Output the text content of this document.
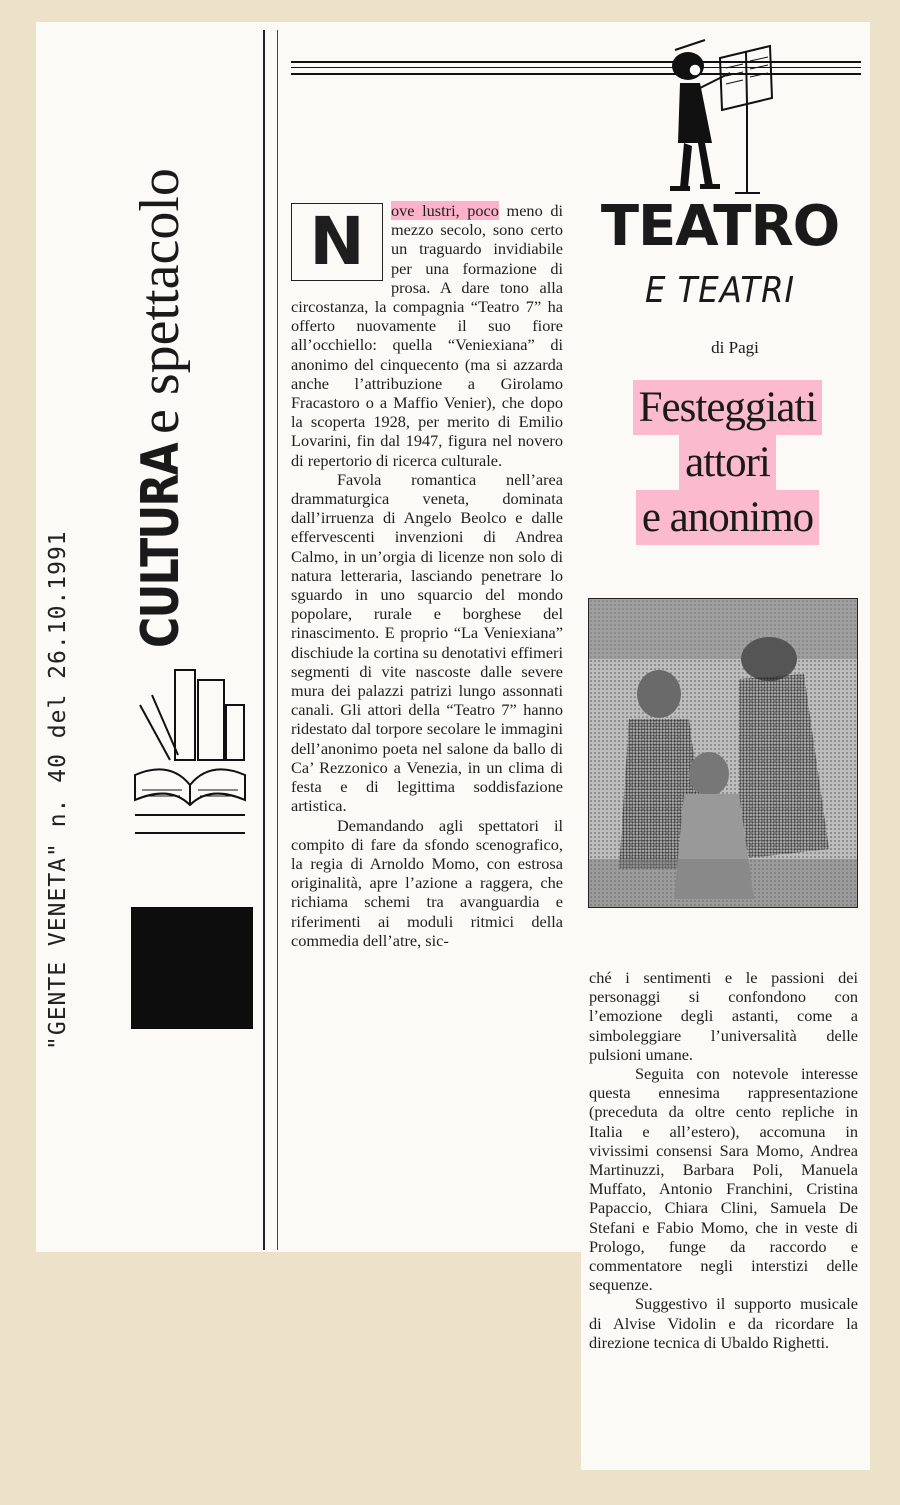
"GENTE VENETA" n. 40 del 26.10.1991 CULTURA e spettacolo N	ove lustri, poco meno di mezzo secolo, sono certo un traguardo invidiabile per una formazione di prosa. A dare tono alla circostanza, la compagnia “Teatro 7” ha offerto nuovamente il suo fiore all’occhiello: quella “Veniexiana” di anonimo del cinquecento (ma si azzarda anche l’attribuzione a Girolamo Fracastoro o a Maffio Venier), che dopo la scoperta 1928, per merito di Emilio Lovarini, fin dal 1947, figura nel novero di repertorio di ricerca culturale.

Favola romantica nell’area drammaturgica veneta, dominata dall’irruenza di Angelo Beolco e dalle effervescenti invenzioni di Andrea Calmo, in un’orgia di licenze non solo di natura letteraria, lasciando penetrare lo sguardo in uno squarcio del mondo popolare, rurale e borghese del rinascimento. E proprio “La Veniexiana” dischiude la cortina su denotativi effimeri segmenti di vite nascoste dalle severe mura dei palazzi patrizi lungo assonnati canali. Gli attori della “Teatro 7” hanno ridestato dal torpore secolare le immagini dell’anonimo poeta nel salone da ballo di Ca’ Rezzonico a Venezia, in un clima di festa e di legittima soddisfazione artistica.

Demandando agli spettatori il compito di fare da sfondo scenografico, la regia di Arnoldo Momo, con estrosa originalità, apre l’azione a raggera, che richiama schemi tra avanguardia e riferimenti ai moduli ritmici della commedia dell’atre, sic-

TEATRO
E TEATRI
di Pagi
Festeggiati
attori
e anonimo

ché i sentimenti e le passioni dei personaggi si confondono con l’emozione degli astanti, come a simboleggiare l’universalità delle pulsioni umane.

Seguita con notevole interesse questa ennesima rappresentazione (preceduta da oltre cento repliche in Italia e all’estero), accomuna in vivissimi consensi Sara Momo, Andrea Martinuzzi, Barbara Poli, Manuela Muffato, Antonio Franchini, Cristina Papaccio, Chiara Clini, Samuela De Stefani e Fabio Momo, che in veste di Prologo, funge da raccordo e commentatore negli interstizi delle sequenze.

Suggestivo il supporto musicale di Alvise Vidolin e da ricordare la direzione tecnica di Ubaldo Righetti.
